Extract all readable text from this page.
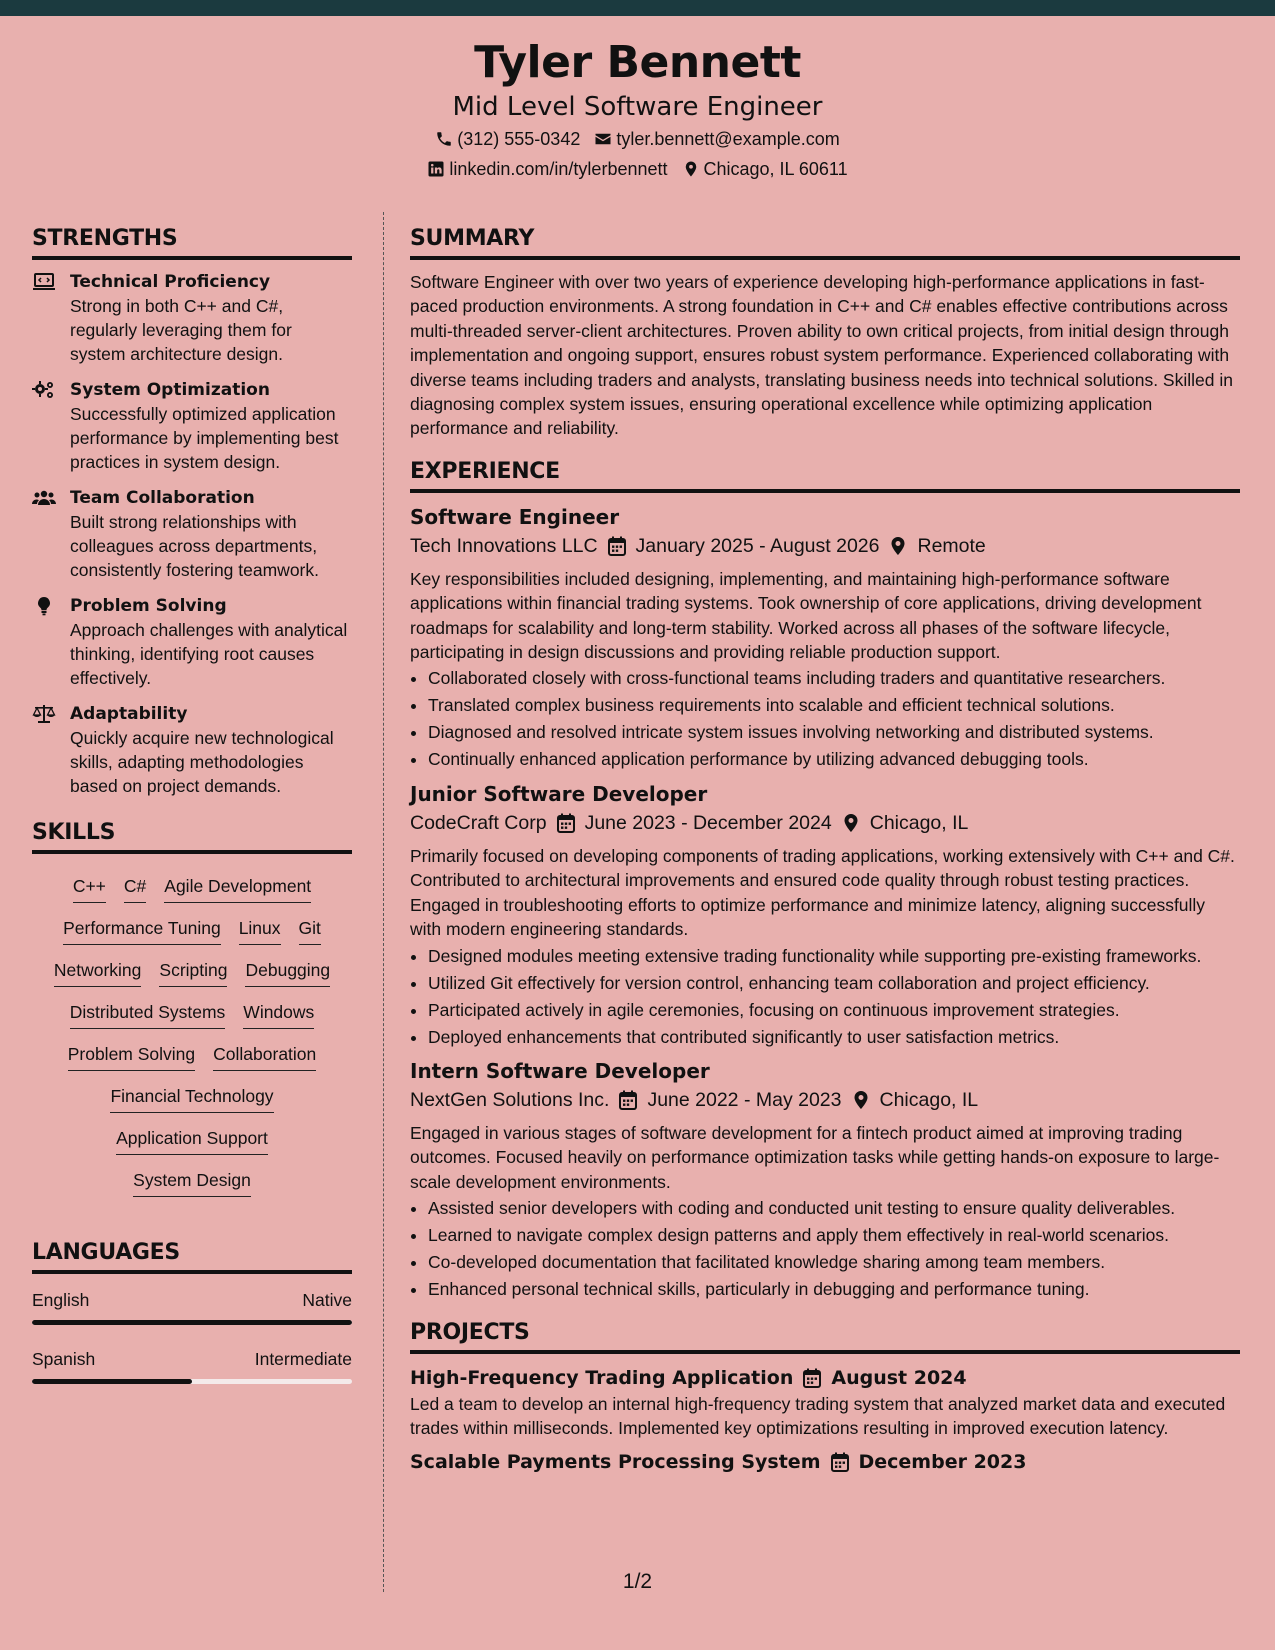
Tyler Bennett
Mid Level Software Engineer
(312) 555-0342 tyler.bennett@example.com
linkedin.com/in/tylerbennett Chicago, IL 60611
STRENGTHS
Technical Proficiency
Strong in both C++ and C#, regularly leveraging them for system architecture design.
System Optimization
Successfully optimized application performance by implementing best practices in system design.
Team Collaboration
Built strong relationships with colleagues across departments, consistently fostering teamwork.
Problem Solving
Approach challenges with analytical thinking, identifying root causes effectively.
Adaptability
Quickly acquire new technological skills, adapting methodologies based on project demands.
SKILLS
C++ C# Agile Development
Performance Tuning Linux Git
Networking Scripting Debugging
Distributed Systems Windows
Problem Solving Collaboration
Financial Technology
Application Support
System Design
LANGUAGES
English	Native
Spanish	Intermediate
SUMMARY

Software Engineer with over two years of experience developing high-performance applications in fast-paced production environments. A strong foundation in C++ and C# enables effective contributions across multi-threaded server-client architectures. Proven ability to own critical projects, from initial design through implementation and ongoing support, ensures robust system performance. Experienced collaborating with diverse teams including traders and analysts, translating business needs into technical solutions. Skilled in diagnosing complex system issues, ensuring operational excellence while optimizing application performance and reliability.

EXPERIENCE
Software Engineer
Tech Innovations LLC January 2025 - August 2026 Remote

Key responsibilities included designing, implementing, and maintaining high-performance software applications within financial trading systems. Took ownership of core applications, driving development roadmaps for scalability and long-term stability. Worked across all phases of the software lifecycle, participating in design discussions and providing reliable production support.

• Collaborated closely with cross-functional teams including traders and quantitative researchers.
• Translated complex business requirements into scalable and efficient technical solutions.
• Diagnosed and resolved intricate system issues involving networking and distributed systems.
• Continually enhanced application performance by utilizing advanced debugging tools.
Junior Software Developer
CodeCraft Corp June 2023 - December 2024 Chicago, IL

Primarily focused on developing components of trading applications, working extensively with C++ and C#. Contributed to architectural improvements and ensured code quality through robust testing practices. Engaged in troubleshooting efforts to optimize performance and minimize latency, aligning successfully with modern engineering standards.

• Designed modules meeting extensive trading functionality while supporting pre-existing frameworks.
• Utilized Git effectively for version control, enhancing team collaboration and project efficiency.
• Participated actively in agile ceremonies, focusing on continuous improvement strategies.
• Deployed enhancements that contributed significantly to user satisfaction metrics.
Intern Software Developer
NextGen Solutions Inc. June 2022 - May 2023 Chicago, IL

Engaged in various stages of software development for a fintech product aimed at improving trading outcomes. Focused heavily on performance optimization tasks while getting hands-on exposure to large-scale development environments.

• Assisted senior developers with coding and conducted unit testing to ensure quality deliverables.
• Learned to navigate complex design patterns and apply them effectively in real-world scenarios.
• Co-developed documentation that facilitated knowledge sharing among team members.
• Enhanced personal technical skills, particularly in debugging and performance tuning.
PROJECTS
High-Frequency Trading Application August 2024

Led a team to develop an internal high-frequency trading system that analyzed market data and executed trades within milliseconds. Implemented key optimizations resulting in improved execution latency.

Scalable Payments Processing System December 2023
1/2
